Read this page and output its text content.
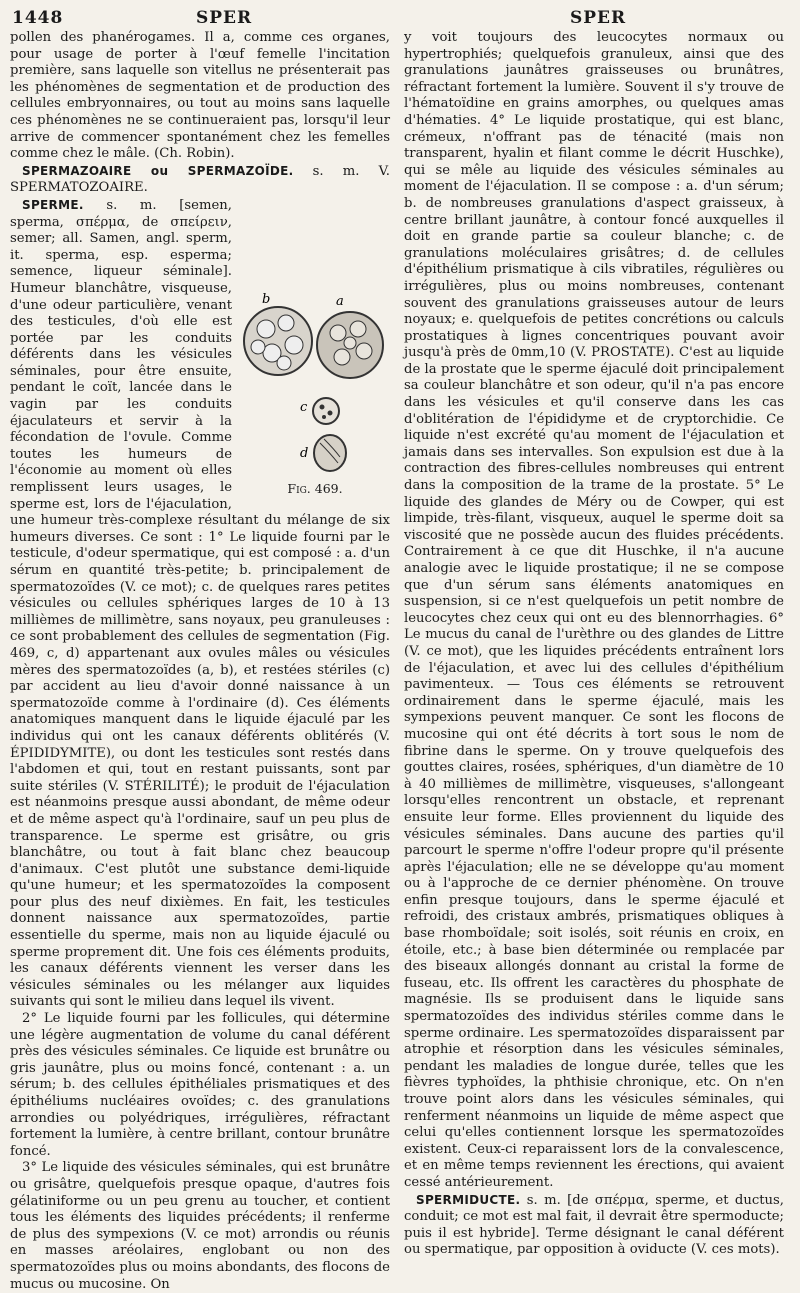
1448	SPER	SPER

pollen des phanérogames. Il a, comme ces organes, pour usage de porter à l'œuf femelle l'incitation première, sans laquelle son vitellus ne présenterait pas les phénomènes de segmentation et de production des cellules embryonnaires, ou tout au moins sans laquelle ces phénomènes ne se continueraient pas, lorsqu'il leur arrive de commencer spontanément chez les femelles comme chez le mâle. (Ch. Robin).

SPERMAZOAIRE ou SPERMAZOÏDE. s. m. V. SPERMATOZOAIRE.

b	a
c
d
Fig. 469.

SPERME. s. m. [semen, sperma, σπέρμα, de σπείρειν, semer; all. Samen, angl. sperm, it. sperma, esp. esperma; semence, liqueur séminale]. Humeur blanchâtre, visqueuse, d'une odeur particulière, venant des testicules, d'où elle est portée par les conduits déférents dans les vésicules séminales, pour être ensuite, pendant le coït, lancée dans le vagin par les conduits éjaculateurs et servir à la fécondation de l'ovule. Comme toutes les humeurs de l'économie au moment où elles remplissent leurs usages, le sperme est, lors de l'éjaculation, une humeur très-complexe résultant du mélange de six humeurs diverses. Ce sont : 1° Le liquide fourni par le testicule, d'odeur spermatique, qui est composé : a. d'un sérum en quantité très-petite; b. principalement de spermatozoïdes (V. ce mot); c. de quelques rares petites vésicules ou cellules sphériques larges de 10 à 13 millièmes de millimètre, sans noyaux, peu granuleuses : ce sont probablement des cellules de segmentation (Fig. 469, c, d) appartenant aux ovules mâles ou vésicules mères des spermatozoïdes (a, b), et restées stériles (c) par accident au lieu d'avoir donné naissance à un spermatozoïde comme à l'ordinaire (d). Ces éléments anatomiques manquent dans le liquide éjaculé par les individus qui ont les canaux déférents oblitérés (V. ÉPIDIDYMITE), ou dont les testicules sont restés dans l'abdomen et qui, tout en restant puissants, sont par suite stériles (V. STÉRILITÉ); le produit de l'éjaculation est néanmoins presque aussi abondant, de même odeur et de même aspect qu'à l'ordinaire, sauf un peu plus de transparence. Le sperme est grisâtre, ou gris blanchâtre, ou tout à fait blanc chez beaucoup d'animaux. C'est plutôt une substance demi-liquide qu'une humeur; et les spermatozoïdes la composent pour plus des neuf dixièmes. En fait, les testicules donnent naissance aux spermatozoïdes, partie essentielle du sperme, mais non au liquide éjaculé ou sperme proprement dit. Une fois ces éléments produits, les canaux déférents viennent les verser dans les vésicules séminales ou les mélanger aux liquides suivants qui sont le milieu dans lequel ils vivent.

2° Le liquide fourni par les follicules, qui détermine une légère augmentation de volume du canal déférent près des vésicules séminales. Ce liquide est brunâtre ou gris jaunâtre, plus ou moins foncé, contenant : a. un sérum; b. des cellules épithéliales prismatiques et des épithéliums nucléaires ovoïdes; c. des granulations arrondies ou polyédriques, irrégulières, réfractant fortement la lumière, à centre brillant, contour brunâtre foncé.

3° Le liquide des vésicules séminales, qui est brunâtre ou grisâtre, quelquefois presque opaque, d'autres fois gélatiniforme ou un peu grenu au toucher, et contient tous les éléments des liquides précédents; il renferme de plus des sympexions (V. ce mot) arrondis ou réunis en masses aréolaires, englobant ou non des spermatozoïdes plus ou moins abondants, des flocons de mucus ou mucosine. On

y voit toujours des leucocytes normaux ou hypertrophiés; quelquefois granuleux, ainsi que des granulations jaunâtres graisseuses ou brunâtres, réfractant fortement la lumière. Souvent il s'y trouve de l'hématoïdine en grains amorphes, ou quelques amas d'hématies. 4° Le liquide prostatique, qui est blanc, crémeux, n'offrant pas de ténacité (mais non transparent, hyalin et filant comme le décrit Huschke), qui se mêle au liquide des vésicules séminales au moment de l'éjaculation. Il se compose : a. d'un sérum; b. de nombreuses granulations d'aspect graisseux, à centre brillant jaunâtre, à contour foncé auxquelles il doit en grande partie sa couleur blanche; c. de granulations moléculaires grisâtres; d. de cellules d'épithélium prismatique à cils vibratiles, régulières ou irrégulières, plus ou moins nombreuses, contenant souvent des granulations graisseuses autour de leurs noyaux; e. quelquefois de petites concrétions ou calculs prostatiques à lignes concentriques pouvant avoir jusqu'à près de 0mm,10 (V. PROSTATE). C'est au liquide de la prostate que le sperme éjaculé doit principalement sa couleur blanchâtre et son odeur, qu'il n'a pas encore dans les vésicules et qu'il conserve dans les cas d'oblitération de l'épididyme et de cryptorchidie. Ce liquide n'est excrété qu'au moment de l'éjaculation et jamais dans ses intervalles. Son expulsion est due à la contraction des fibres-cellules nombreuses qui entrent dans la composition de la trame de la prostate. 5° Le liquide des glandes de Méry ou de Cowper, qui est limpide, très-filant, visqueux, auquel le sperme doit sa viscosité que ne possède aucun des fluides précédents. Contrairement à ce que dit Huschke, il n'a aucune analogie avec le liquide prostatique; il ne se compose que d'un sérum sans éléments anatomiques en suspension, si ce n'est quelquefois un petit nombre de leucocytes chez ceux qui ont eu des blennorrhagies. 6° Le mucus du canal de l'urèthre ou des glandes de Littre (V. ce mot), que les liquides précédents entraînent lors de l'éjaculation, et avec lui des cellules d'épithélium pavimenteux. — Tous ces éléments se retrouvent ordinairement dans le sperme éjaculé, mais les sympexions peuvent manquer. Ce sont les flocons de mucosine qui ont été décrits à tort sous le nom de fibrine dans le sperme. On y trouve quelquefois des gouttes claires, rosées, sphériques, d'un diamètre de 10 à 40 millièmes de millimètre, visqueuses, s'allongeant lorsqu'elles rencontrent un obstacle, et reprenant ensuite leur forme. Elles proviennent du liquide des vésicules séminales. Dans aucune des parties qu'il parcourt le sperme n'offre l'odeur propre qu'il présente après l'éjaculation; elle ne se développe qu'au moment ou à l'approche de ce dernier phénomène. On trouve enfin presque toujours, dans le sperme éjaculé et refroidi, des cristaux ambrés, prismatiques obliques à base rhomboïdale; soit isolés, soit réunis en croix, en étoile, etc.; à base bien déterminée ou remplacée par des biseaux allongés donnant au cristal la forme de fuseau, etc. Ils offrent les caractères du phosphate de magnésie. Ils se produisent dans le liquide sans spermatozoïdes des individus stériles comme dans le sperme ordinaire. Les spermatozoïdes disparaissent par atrophie et résorption dans les vésicules séminales, pendant les maladies de longue durée, telles que les fièvres typhoïdes, la phthisie chronique, etc. On n'en trouve point alors dans les vésicules séminales, qui renferment néanmoins un liquide de même aspect que celui qu'elles contiennent lorsque les spermatozoïdes existent. Ceux-ci reparaissent lors de la convalescence, et en même temps reviennent les érections, qui avaient cessé antérieurement.

SPERMIDUCTE. s. m. [de σπέρμα, sperme, et ductus, conduit; ce mot est mal fait, il devrait être spermoducte; puis il est hybride]. Terme désignant le canal déférent ou spermatique, par opposition à oviducte (V. ces mots).
